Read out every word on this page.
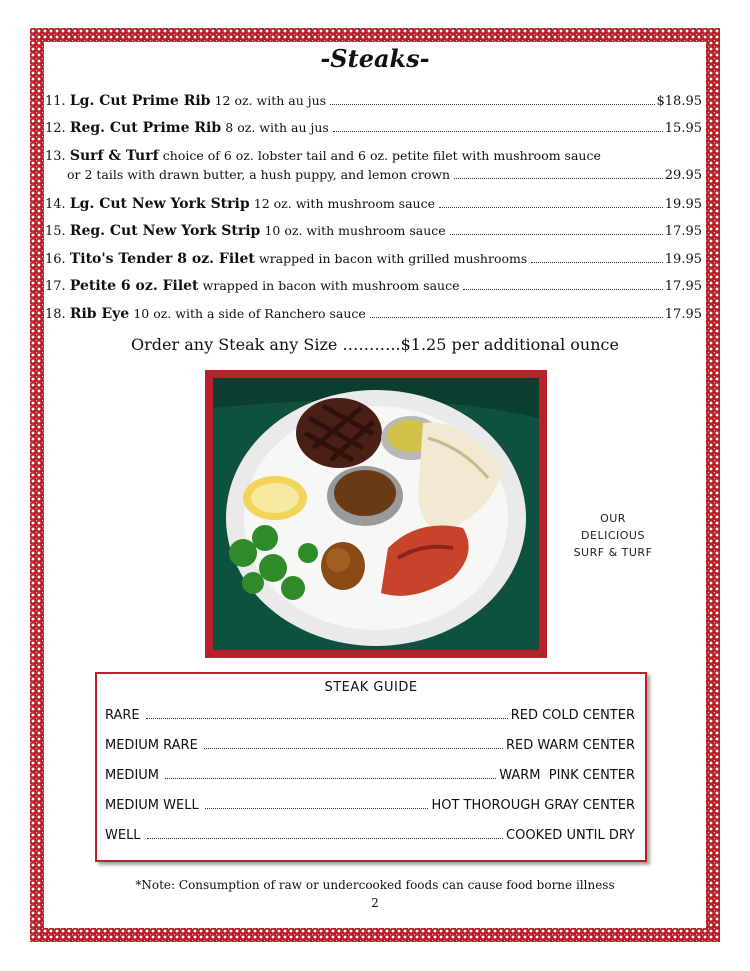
-Steaks-
11.
Lg. Cut Prime Rib
12 oz. with au jus	$18.95
12.
Reg. Cut Prime Rib
8 oz. with au jus	15.95
13.
Surf & Turf
choice of 6 oz. lobster tail and 6 oz. petite filet with mushroom sauce
or 2 tails with drawn butter, a hush puppy, and lemon crown	29.95
14.
Lg. Cut New York Strip
12 oz. with mushroom sauce	19.95
15.
Reg. Cut New York Strip
10 oz. with mushroom sauce	17.95
16.
Tito's Tender 8 oz. Filet
wrapped in bacon with grilled mushrooms	19.95
17.
Petite 6 oz. Filet
wrapped in bacon with mushroom sauce	17.95
18.
Rib Eye
10 oz. with a side of Ranchero sauce	17.95
Order any Steak any Size ………..$1.25 per additional ounce
OUR
DELICIOUS
SURF & TURF
STEAK GUIDE
RARE	RED COLD CENTER
MEDIUM RARE	RED WARM CENTER
MEDIUM	WARM  PINK CENTER
MEDIUM WELL	HOT THOROUGH GRAY CENTER
WELL	COOKED UNTIL DRY
*Note: Consumption of raw or undercooked foods can cause food borne illness
2
